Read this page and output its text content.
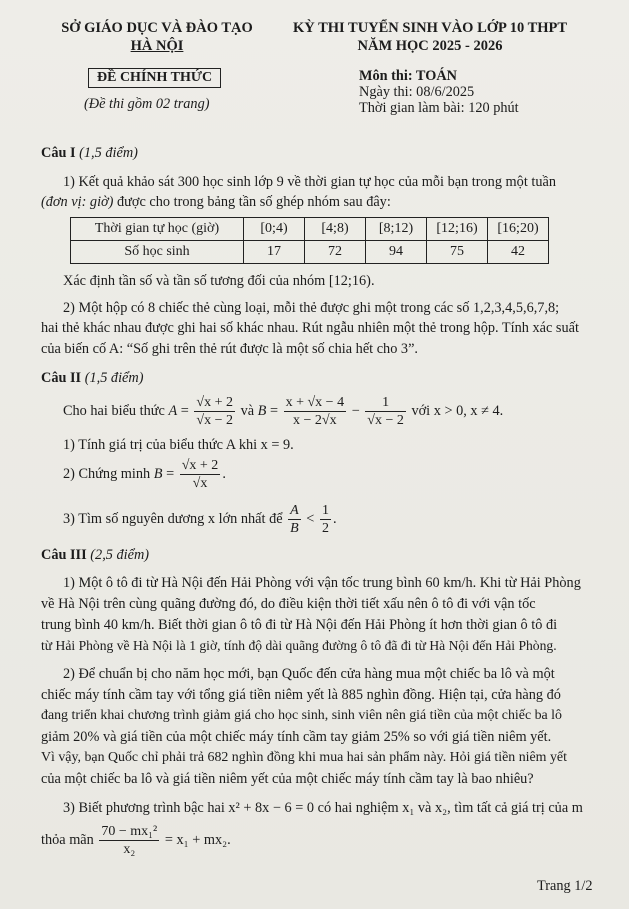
SỞ GIÁO DỤC VÀ ĐÀO TẠO
HÀ NỘI
KỲ THI TUYỂN SINH VÀO LỚP 10 THPT
NĂM HỌC 2025 - 2026
ĐỀ CHÍNH THỨC
(Đề thi gồm 02 trang)
Môn thi: TOÁN
Ngày thi: 08/6/2025
Thời gian làm bài: 120 phút
Câu I (1,5 điểm)
1) Kết quả khảo sát 300 học sinh lớp 9 về thời gian tự học của mỗi bạn trong một tuần
(đơn vị: giờ) được cho trong bảng tần số ghép nhóm sau đây:
Thời gian tự học (giờ)	[0;4)	[4;8)	[8;12)	[12;16)	[16;20)
Số học sinh	17	72	94	75	42
Xác định tần số và tần số tương đối của nhóm [12;16).
2) Một hộp có 8 chiếc thẻ cùng loại, mỗi thẻ được ghi một trong các số 1,2,3,4,5,6,7,8;
hai thẻ khác nhau được ghi hai số khác nhau. Rút ngẫu nhiên một thẻ trong hộp. Tính xác suất
của biến cố A: “Số ghi trên thẻ rút được là một số chia hết cho 3”.
Câu II (1,5 điểm)
Cho hai biểu thức $A = \frac{√x + 2}{√x - 2}$ và $B = \frac{x + √x - 4}{x - 2√x} - \frac{1}{√x - 2}$ với x > 0, x ≠ 4.
1) Tính giá trị của biểu thức A khi x = 9.
2) Chứng minh $B = \frac{√x + 2}{√x}$ .
3) Tìm số nguyên dương x lớn nhất để $\frac{A}{B} < \frac{1}{2}$ .
Câu III (2,5 điểm)
1) Một ô tô đi từ Hà Nội đến Hải Phòng với vận tốc trung bình 60 km/h. Khi từ Hải Phòng
về Hà Nội trên cùng quãng đường đó, do điều kiện thời tiết xấu nên ô tô đi với vận tốc
trung bình 40 km/h. Biết thời gian ô tô đi từ Hà Nội đến Hải Phòng ít hơn thời gian ô tô đi
từ Hải Phòng về Hà Nội là 1 giờ, tính độ dài quãng đường ô tô đã đi từ Hà Nội đến Hải Phòng.
2) Để chuẩn bị cho năm học mới, bạn Quốc đến cửa hàng mua một chiếc ba lô và một
chiếc máy tính cầm tay với tổng giá tiền niêm yết là 885 nghìn đồng. Hiện tại, cửa hàng đó
đang triển khai chương trình giảm giá cho học sinh, sinh viên nên giá tiền của một chiếc ba lô
giảm 20% và giá tiền của một chiếc máy tính cầm tay giảm 25% so với giá tiền niêm yết.
Vì vậy, bạn Quốc chỉ phải trả 682 nghìn đồng khi mua hai sản phẩm này. Hỏi giá tiền niêm yết
của một chiếc ba lô và giá tiền niêm yết của một chiếc máy tính cầm tay là bao nhiêu?
3) Biết phương trình bậc hai x² + 8x − 6 = 0 có hai nghiệm x₁ và x₂, tìm tất cả giá trị của m
thỏa mãn $\frac{\text{70 − mx₁²}}{\text{x₂}} = x_1 + mx_2$.
Trang 1/2
